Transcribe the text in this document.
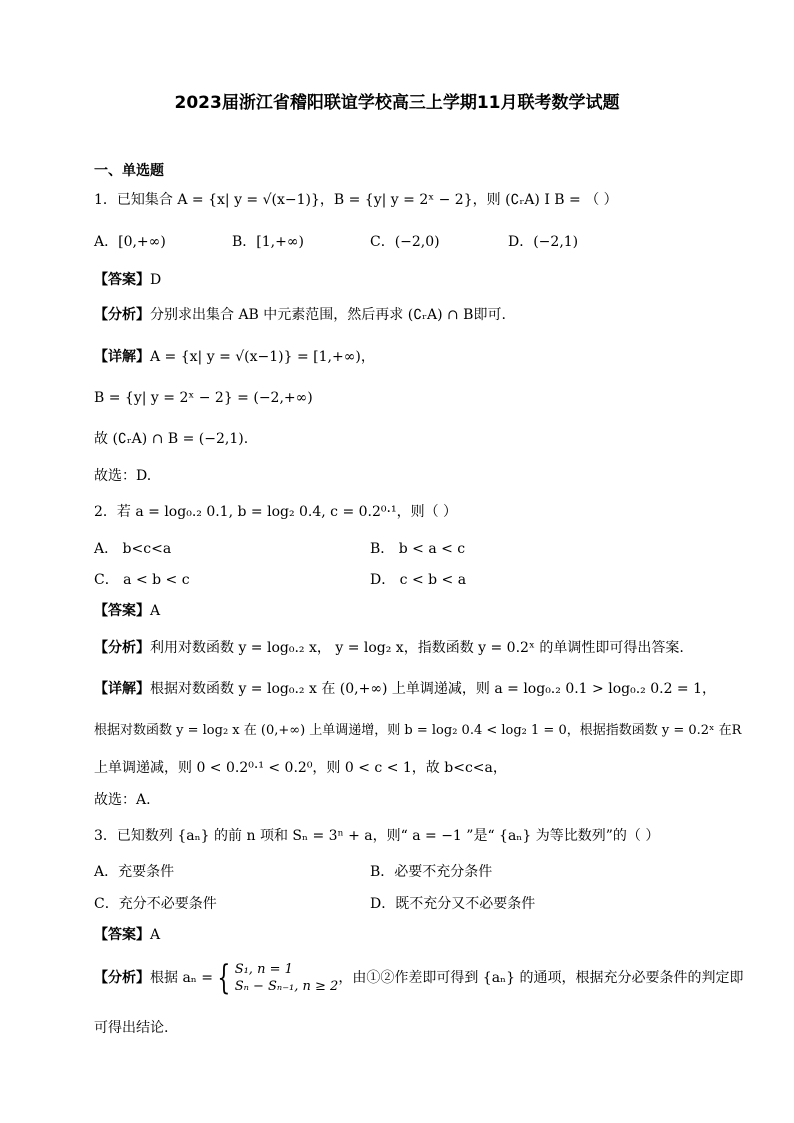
2023届浙江省稽阳联谊学校高三上学期11月联考数学试题
一、单选题
1．已知集合 A = {x| y = √(x−1)}，B = {y| y = 2ˣ − 2}，则 (∁ᵣA) I B = （ ）
A．[0,+∞)	B．[1,+∞)	C．(−2,0)	D．(−2,1)
【答案】D
【分析】分别求出集合 AB 中元素范围，然后再求 (∁ᵣA) ∩ B即可.
【详解】A = {x| y = √(x−1)} = [1,+∞)，
B = {y| y = 2ˣ − 2} = (−2,+∞)
故 (∁ᵣA) ∩ B = (−2,1).
故选：D.
2．若 a = log₀.₂ 0.1, b = log₂ 0.4, c = 0.2⁰·¹，则（ ）
A． b<c<a	B． b < a < c
C． a < b < c	D． c < b < a
【答案】A
【分析】利用对数函数 y = log₀.₂ x， y = log₂ x，指数函数 y = 0.2ˣ 的单调性即可得出答案.
【详解】根据对数函数 y = log₀.₂ x 在 (0,+∞) 上单调递减，则 a = log₀.₂ 0.1 > log₀.₂ 0.2 = 1，
根据对数函数 y = log₂ x 在 (0,+∞) 上单调递增，则 b = log₂ 0.4 < log₂ 1 = 0，根据指数函数 y = 0.2ˣ 在R
上单调递减，则 0 < 0.2⁰·¹ < 0.2⁰，则 0 < c < 1，故 b<c<a，
故选：A.
3．已知数列 {aₙ} 的前 n 项和 Sₙ = 3ⁿ + a，则“ a = −1 ”是“ {aₙ} 为等比数列”的（ ）
A．充要条件	B．必要不充分条件
C．充分不必要条件	D．既不充分又不必要条件
【答案】A
【分析】根据 aₙ = { S₁, n = 1
Sₙ − Sₙ₋₁, n ≥ 2
，由①②作差即可得到 {aₙ} 的通项，根据充分必要条件的判定即
可得出结论.
